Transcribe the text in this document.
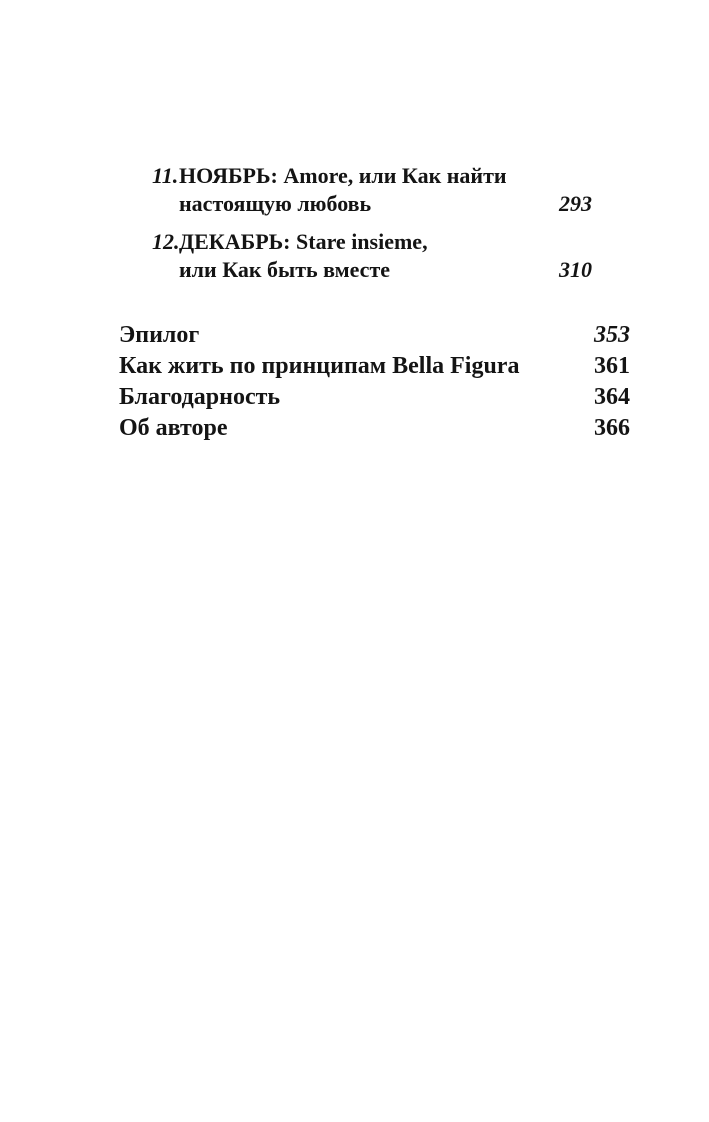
11.НОЯБРЬ: Amore, или Как найти
настоящую любовь	293
12.ДЕКАБРЬ: Stare insieme,
или Как быть вместе	310
Эпилог	353
Как жить по принципам Bella Figura	361
Благодарность	364
Об авторе	366
